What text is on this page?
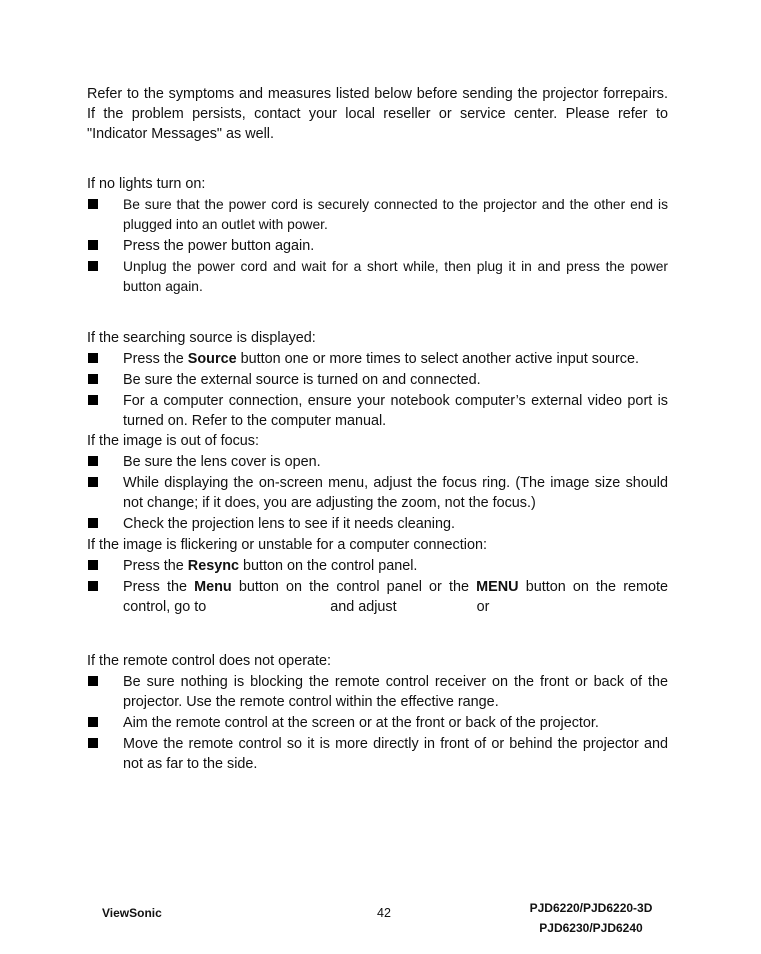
Refer to the symptoms and measures listed below before sending the projector forrepairs. If the problem persists, contact your local reseller or service center. Please refer to "Indicator Messages" as well.

If no lights turn on:

Be sure that the power cord is securely connected to the projector and the other end is plugged into an outlet with power.
Press the power button again.
Unplug the power cord and wait for a short while, then plug it in and press the power button again.

If the searching source is displayed:

Press the Source button one or more times to select another active input source.
Be sure the external source is turned on and connected.
For a computer connection, ensure your notebook computer’s external video port is turned on. Refer to the computer manual.

If the image is out of focus:

Be sure the lens cover is open.
While displaying the on-screen menu, adjust the focus ring. (The image size should not change; if it does, you are adjusting the zoom, not the focus.)
Check the projection lens to see if it needs cleaning.

If the image is flickering or unstable for a computer connection:

Press the Resync button on the control panel.
Press the Menu button on the control panel or the MENU button on the remote control, go to	and adjust	or

If the remote control does not operate:

Be sure nothing is blocking the remote control receiver on the front or back of the projector. Use the remote control within the effective range.
Aim the remote control at the screen or at the front or back of the projector.
Move the remote control so it is more directly in front of or behind the projector and not as far to the side.
ViewSonic	42	PJD6220/PJD6220-3D
PJD6230/PJD6240
